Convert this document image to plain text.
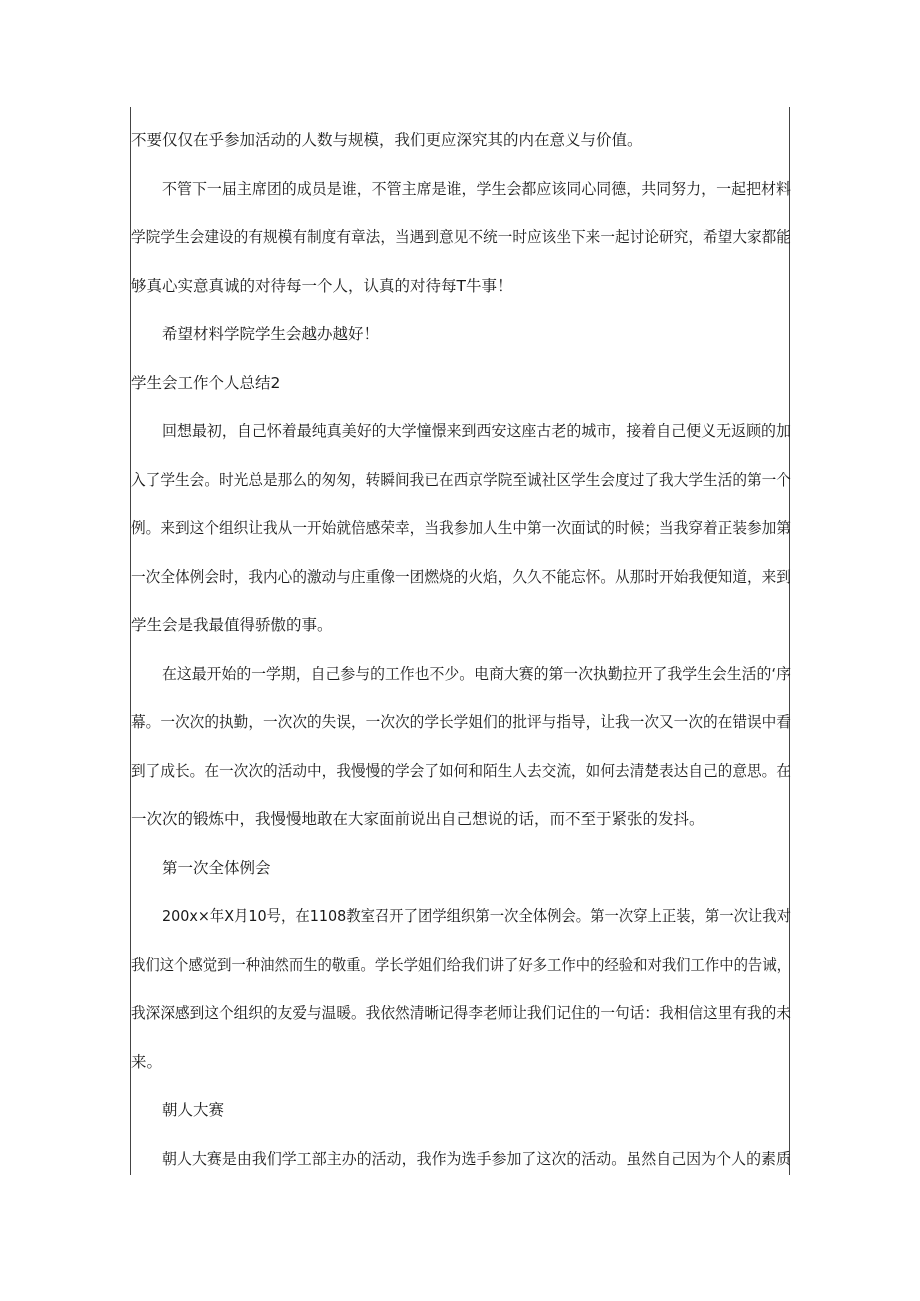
不要仅仅在乎参加活动的人数与规模，我们更应深究其的内在意义与价值。
不管下一届主席团的成员是谁，不管主席是谁，学生会都应该同心同德，共同努力，一起把材料
学院学生会建设的有规模有制度有章法，当遇到意见不统一时应该坐下来一起讨论研究，希望大家都能
够真心实意真诚的对待每一个人，认真的对待每T牛事！
希望材料学院学生会越办越好！
学生会工作个人总结2
回想最初，自己怀着最纯真美好的大学憧憬来到西安这座古老的城市，接着自己便义无返顾的加
入了学生会。时光总是那么的匆匆，转瞬间我已在西京学院至诚社区学生会度过了我大学生活的第一个
例。来到这个组织让我从一开始就倍感荣幸，当我参加人生中第一次面试的时候；当我穿着正装参加第
一次全体例会时，我内心的激动与庄重像一团燃烧的火焰，久久不能忘怀。从那时开始我便知道，来到
学生会是我最值得骄傲的事。
在这最开始的一学期，自己参与的工作也不少。电商大赛的第一次执勤拉开了我学生会生活的‘序
幕。一次次的执勤，一次次的失误，一次次的学长学姐们的批评与指导，让我一次又一次的在错误中看
到了成长。在一次次的活动中，我慢慢的学会了如何和陌生人去交流，如何去清楚表达自己的意思。在
一次次的锻炼中，我慢慢地敢在大家面前说出自己想说的话，而不至于紧张的发抖。
第一次全体例会
200x×年X月10号，在1108教室召开了团学组织第一次全体例会。第一次穿上正装，第一次让我对
我们这个感觉到一种油然而生的敬重。学长学姐们给我们讲了好多工作中的经验和对我们工作中的告诫，
我深深感到这个组织的友爱与温暖。我依然清晰记得李老师让我们记住的一句话：我相信这里有我的未
来。
朝人大赛
朝人大赛是由我们学工部主办的活动，我作为选手参加了这次的活动。虽然自己因为个人的素质
